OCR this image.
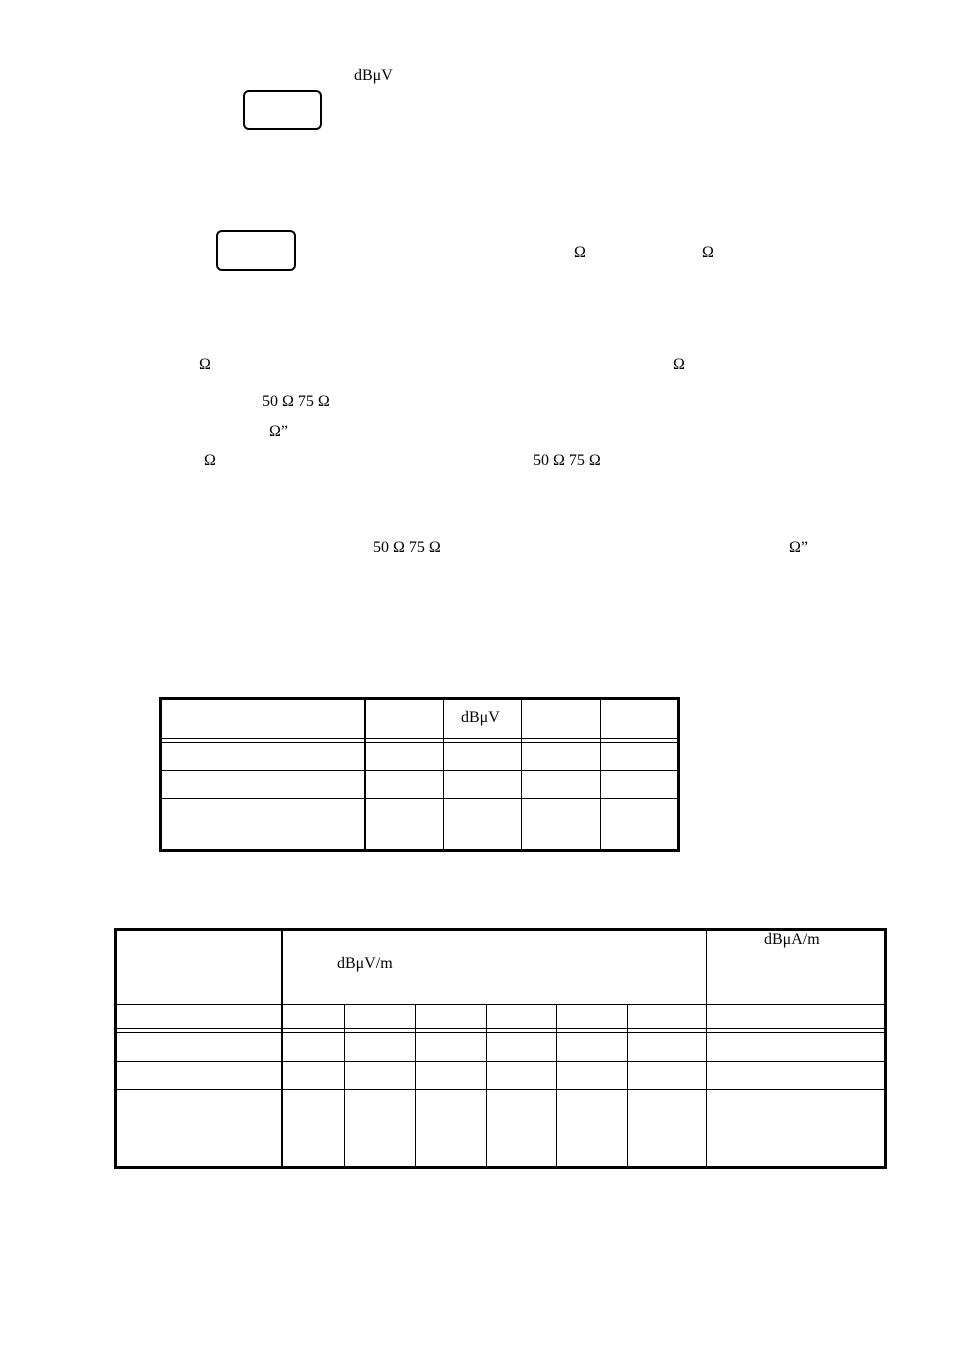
dBμV
Ω	Ω
Ω	Ω
50 Ω 75 Ω
Ω”
Ω	50 Ω 75 Ω
50 Ω 75 Ω	Ω”
dBμV
dBμV/m
dBμA/m
